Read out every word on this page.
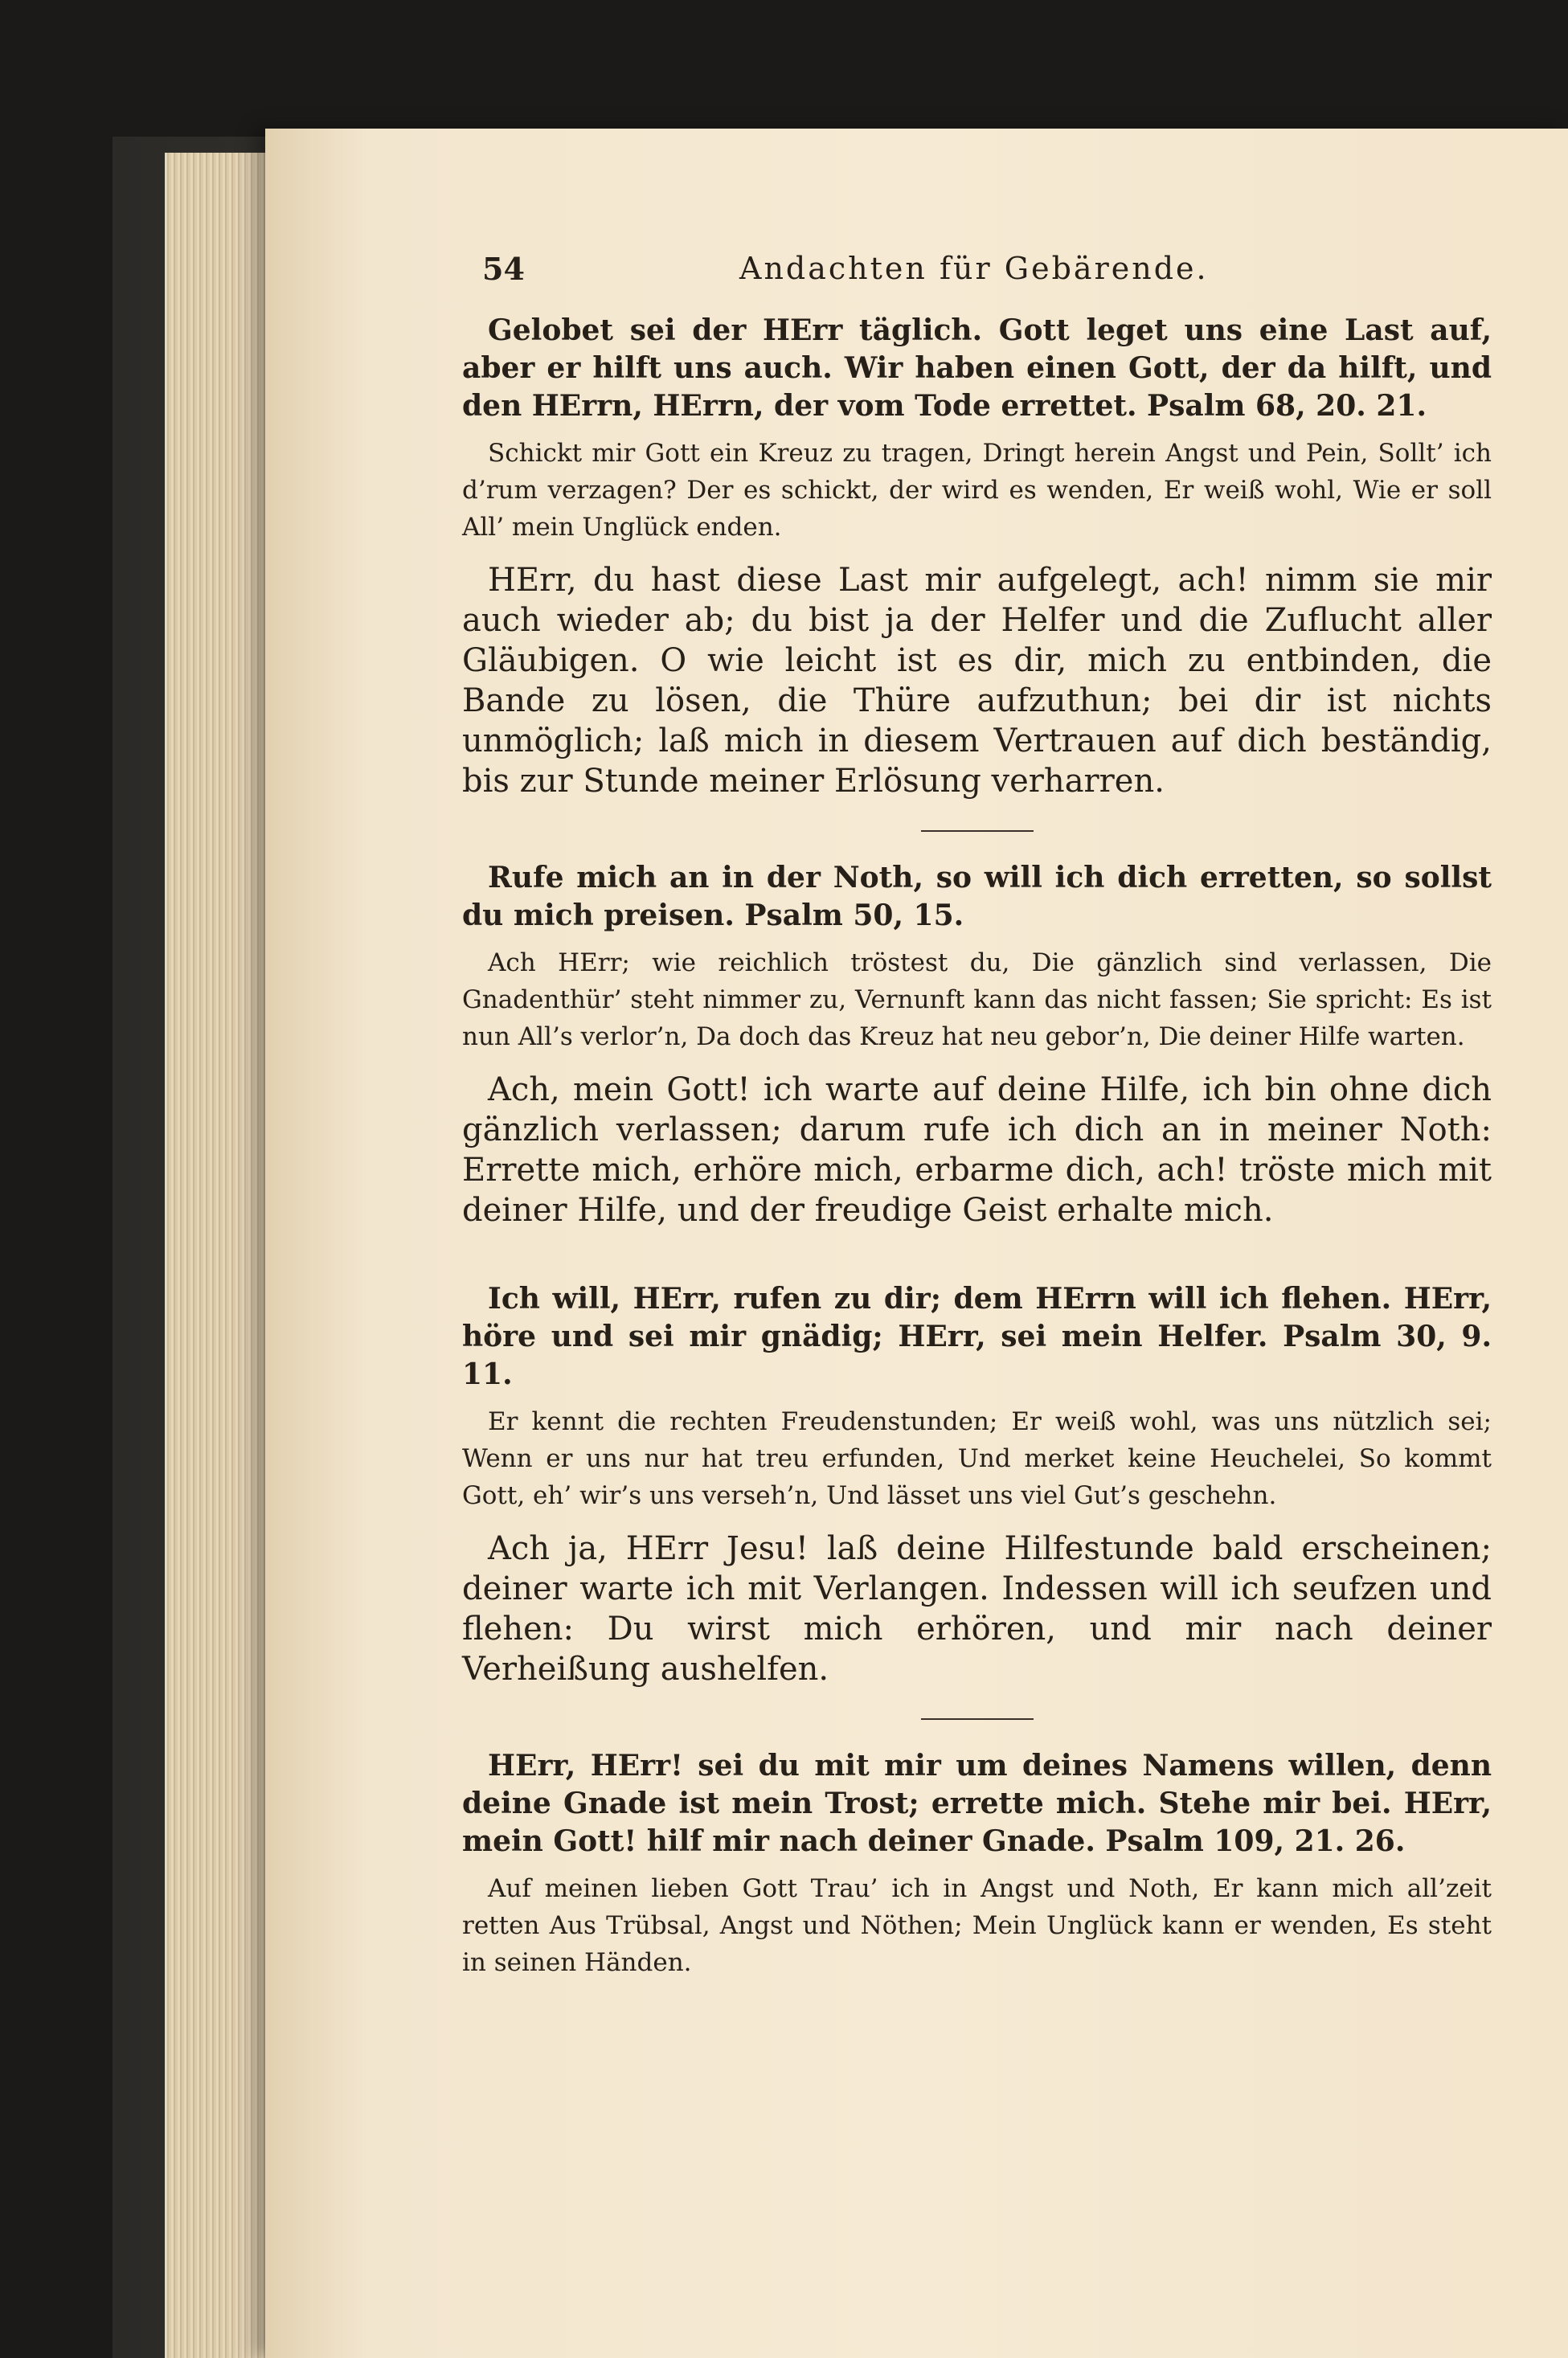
54	Andachten für Gebärende.

Gelobet sei der HErr täglich. Gott leget uns eine Last auf, aber er hilft uns auch. Wir haben einen Gott, der da hilft, und den HErrn, HErrn, der vom Tode errettet. Psalm 68, 20. 21.

Schickt mir Gott ein Kreuz zu tragen, Dringt herein Angst und Pein, Sollt’ ich d’rum verzagen? Der es schickt, der wird es wenden, Er weiß wohl, Wie er soll All’ mein Unglück enden.

HErr, du hast diese Last mir aufgelegt, ach! nimm sie mir auch wieder ab; du bist ja der Helfer und die Zuflucht aller Gläubigen. O wie leicht ist es dir, mich zu entbinden, die Bande zu lösen, die Thüre aufzuthun; bei dir ist nichts unmöglich; laß mich in diesem Vertrauen auf dich beständig, bis zur Stunde meiner Erlösung verharren.

Rufe mich an in der Noth, so will ich dich erretten, so sollst du mich preisen. Psalm 50, 15.

Ach HErr; wie reichlich tröstest du, Die gänzlich sind verlassen, Die Gnadenthür’ steht nimmer zu, Vernunft kann das nicht fassen; Sie spricht: Es ist nun All’s verlor’n, Da doch das Kreuz hat neu gebor’n, Die deiner Hilfe warten.

Ach, mein Gott! ich warte auf deine Hilfe, ich bin ohne dich gänzlich verlassen; darum rufe ich dich an in meiner Noth: Errette mich, erhöre mich, erbarme dich, ach! tröste mich mit deiner Hilfe, und der freudige Geist erhalte mich.

Ich will, HErr, rufen zu dir; dem HErrn will ich flehen. HErr, höre und sei mir gnädig; HErr, sei mein Helfer. Psalm 30, 9. 11.

Er kennt die rechten Freudenstunden; Er weiß wohl, was uns nützlich sei; Wenn er uns nur hat treu erfunden, Und merket keine Heuchelei, So kommt Gott, eh’ wir’s uns verseh’n, Und lässet uns viel Gut’s geschehn.

Ach ja, HErr Jesu! laß deine Hilfestunde bald erscheinen; deiner warte ich mit Verlangen. Indessen will ich seufzen und flehen: Du wirst mich erhören, und mir nach deiner Verheißung aushelfen.

HErr, HErr! sei du mit mir um deines Namens willen, denn deine Gnade ist mein Trost; errette mich. Stehe mir bei. HErr, mein Gott! hilf mir nach deiner Gnade. Psalm 109, 21. 26.

Auf meinen lieben Gott Trau’ ich in Angst und Noth, Er kann mich all’zeit retten Aus Trübsal, Angst und Nöthen; Mein Unglück kann er wenden, Es steht in seinen Händen.
